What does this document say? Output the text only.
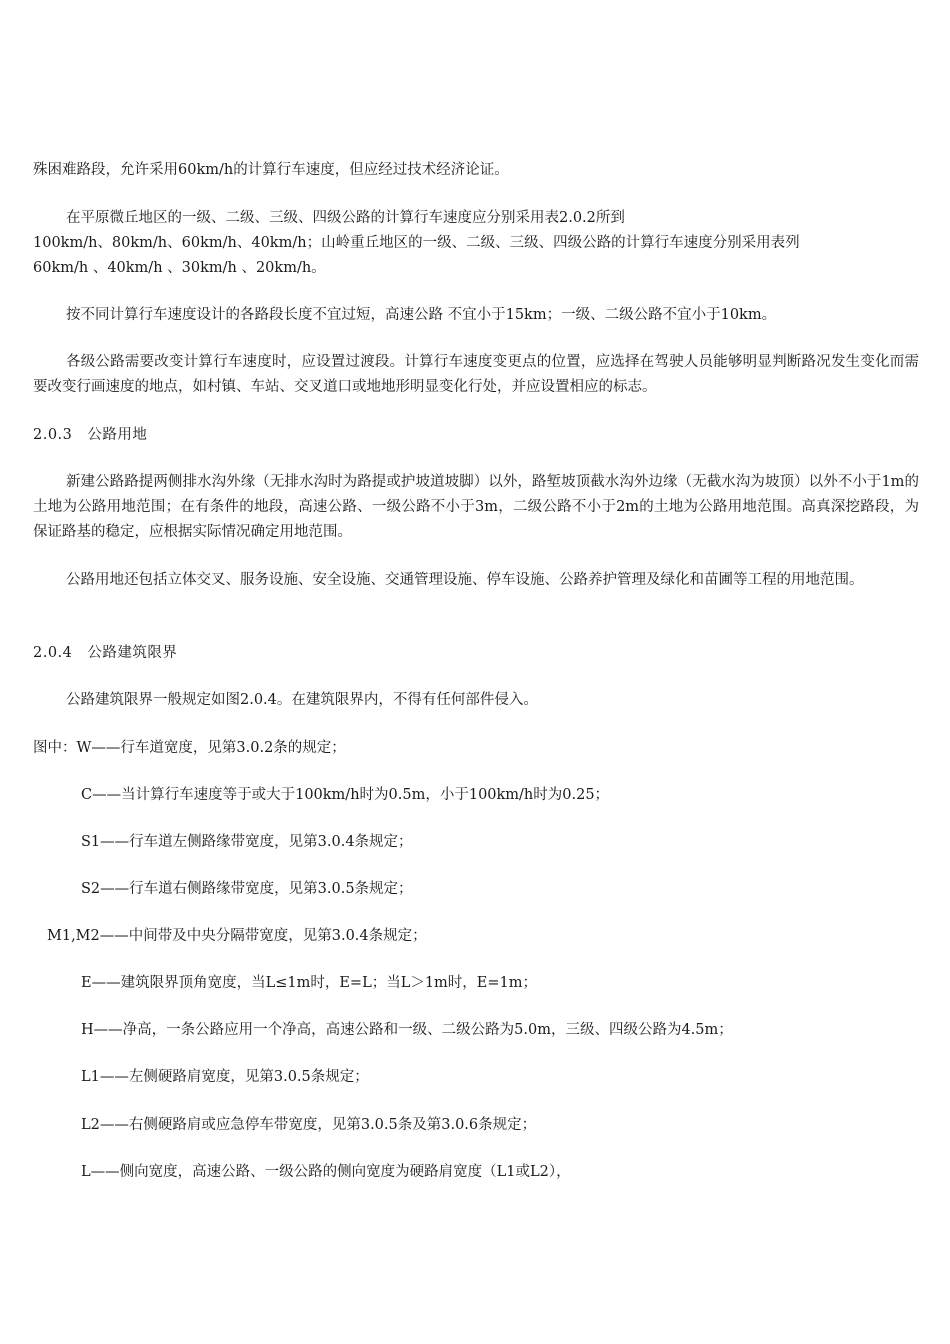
殊困难路段，允许采用60km/h的计算行车速度，但应经过技术经济论证。
在平原微丘地区的一级、二级、三级、四级公路的计算行车速度应分别采用表2.0.2所到
100km/h、80km/h、60km/h、40km/h；山岭重丘地区的一级、二级、三级、四级公路的计算行车速度分别采用表列
60km/h 、40km/h 、30km/h 、20km/h。
按不同计算行车速度设计的各路段长度不宜过短，高速公路 不宜小于15km；一级、二级公路不宜小于10km。
各级公路需要改变计算行车速度时，应设置过渡段。计算行车速度变更点的位置，应选择在驾驶人员能够明显判断路况发生变化而需要改变行画速度的地点，如村镇、车站、交叉道口或地地形明显变化行处，并应设置相应的标志。
2.0.3　公路用地
新建公路路提两侧排水沟外缘（无排水沟时为路提或护坡道坡脚）以外，路堑坡顶截水沟外边缘（无截水沟为坡顶）以外不小于1m的土地为公路用地范围；在有条件的地段，高速公路、一级公路不小于3m，二级公路不小于2m的土地为公路用地范围。高真深挖路段，为保证路基的稳定，应根据实际情况确定用地范围。
公路用地还包括立体交叉、服务设施、安全设施、交通管理设施、停车设施、公路养护管理及绿化和苗圃等工程的用地范围。
2.0.4　公路建筑限界
公路建筑限界一般规定如图2.0.4。在建筑限界内，不得有任何部件侵入。
图中：W——行车道宽度，见第3.0.2条的规定；
C——当计算行车速度等于或大于100km/h时为0.5m，小于100km/h时为0.25；
S1——行车道左侧路缘带宽度，见第3.0.4条规定；
S2——行车道右侧路缘带宽度，见第3.0.5条规定；
M1,M2——中间带及中央分隔带宽度，见第3.0.4条规定；
E——建筑限界顶角宽度，当L≤1m时，E=L；当L＞1m时，E=1m；
H——净高，一条公路应用一个净高，高速公路和一级、二级公路为5.0m，三级、四级公路为4.5m；
L1——左侧硬路肩宽度，见第3.0.5条规定；
L2——右侧硬路肩或应急停车带宽度，见第3.0.5条及第3.0.6条规定；
L——侧向宽度，高速公路、一级公路的侧向宽度为硬路肩宽度（L1或L2），
